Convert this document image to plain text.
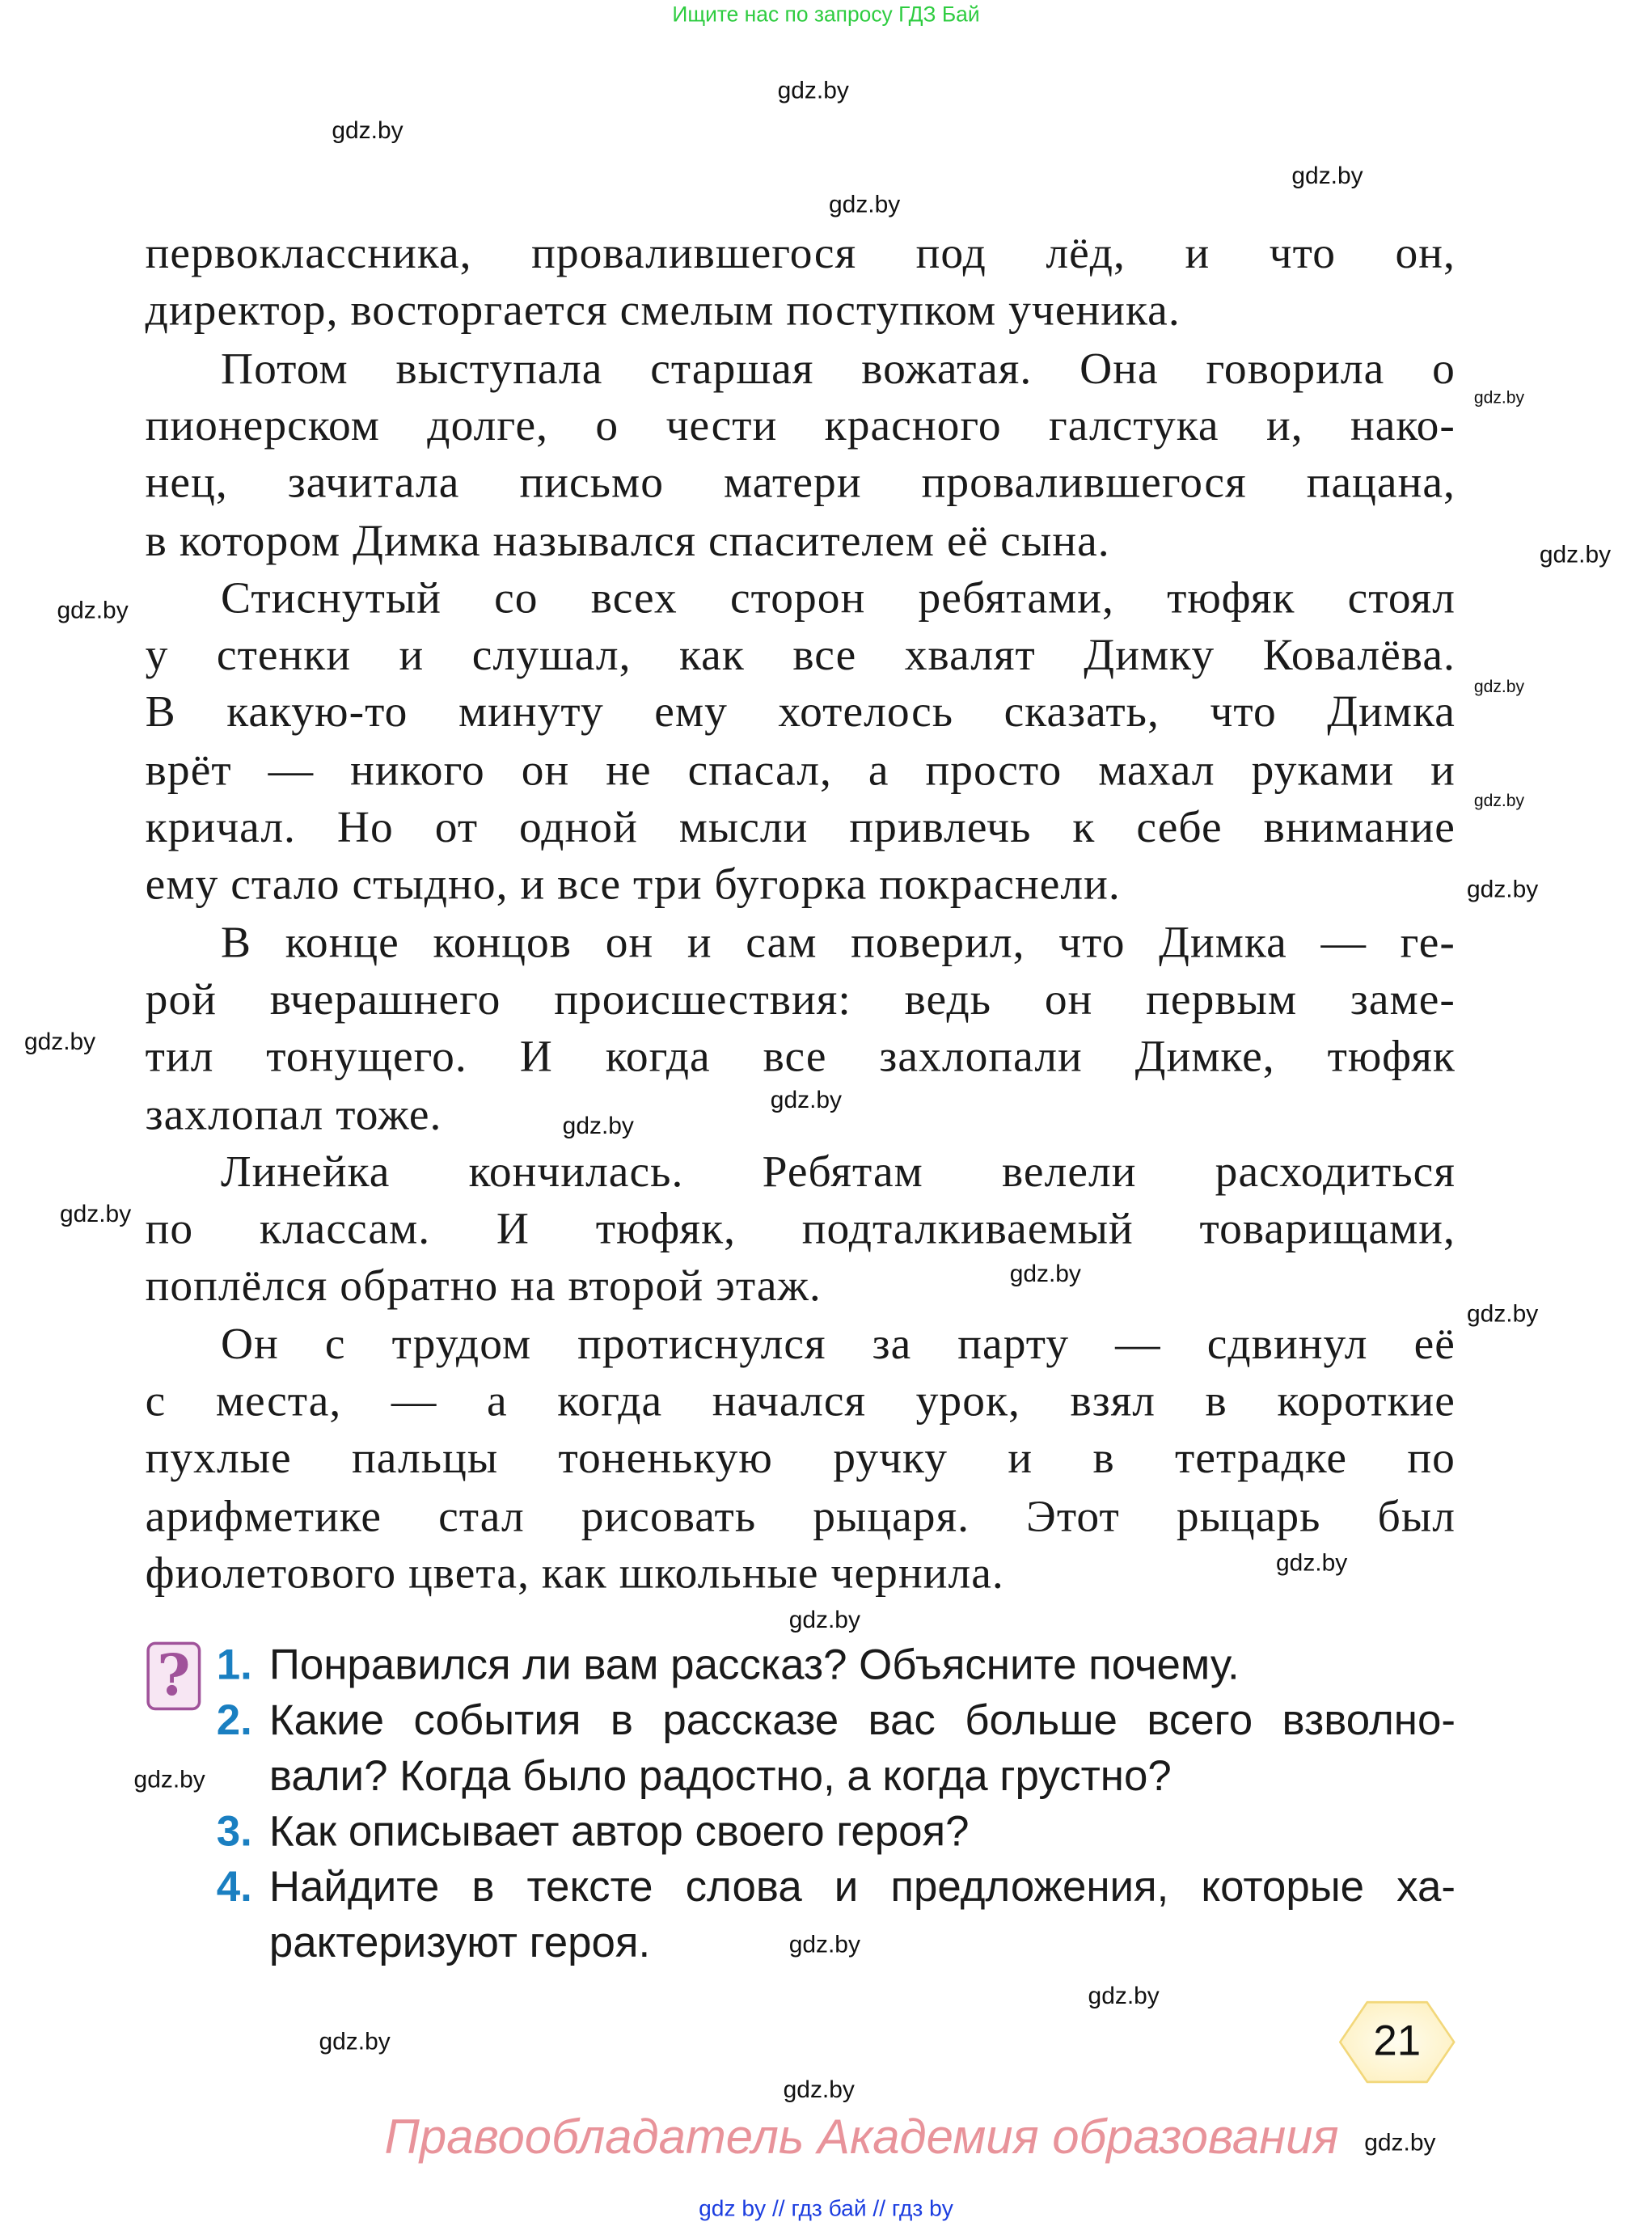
Ищите нас по запросу ГДЗ Бай
gdz.by
gdz.by
gdz.by
gdz.by
gdz.by
gdz.by
gdz.by
gdz.by
gdz.by
gdz.by
gdz.by
gdz.by
gdz.by
gdz.by
gdz.by
gdz.by
gdz.by
gdz.by
gdz.by
gdz.by
gdz.by
gdz.by
gdz.by
gdz.by
первоклассника, провалившегося под лёд, и что он,
директор, восторгается смелым поступком ученика.
Потом выступала старшая вожатая. Она говорила о
пионерском долге, о чести красного галстука и, нако-
нец, зачитала письмо матери провалившегося пацана,
в котором Димка назывался спасителем её сына.
Стиснутый со всех сторон ребятами, тюфяк стоял
у стенки и слушал, как все хвалят Димку Ковалёва.
В какую-то минуту ему хотелось сказать, что Димка
врёт — никого он не спасал, а просто махал руками и
кричал. Но от одной мысли привлечь к себе внимание
ему стало стыдно, и все три бугорка покраснели.
В конце концов он и сам поверил, что Димка — ге-
рой вчерашнего происшествия: ведь он первым заме-
тил тонущего. И когда все захлопали Димке, тюфяк
захлопал тоже.
Линейка кончилась. Ребятам велели расходиться
по классам. И тюфяк, подталкиваемый товарищами,
поплёлся обратно на второй этаж.
Он с трудом протиснулся за парту — сдвинул её
с места, — а когда начался урок, взял в короткие
пухлые пальцы тоненькую ручку и в тетрадке по
арифметике стал рисовать рыцаря. Этот рыцарь был
фиолетового цвета, как школьные чернила.
?	1. Понравился ли вам рассказ? Объясните почему.
2. Какие события в рассказе вас больше всего взволно-
вали? Когда было радостно, а когда грустно?
3. Как описывает автор своего героя?
4. Найдите в тексте слова и предложения, которые ха-
рактеризуют героя.
21
Правообладатель Академия образования
gdz by // гдз бай // гдз by
